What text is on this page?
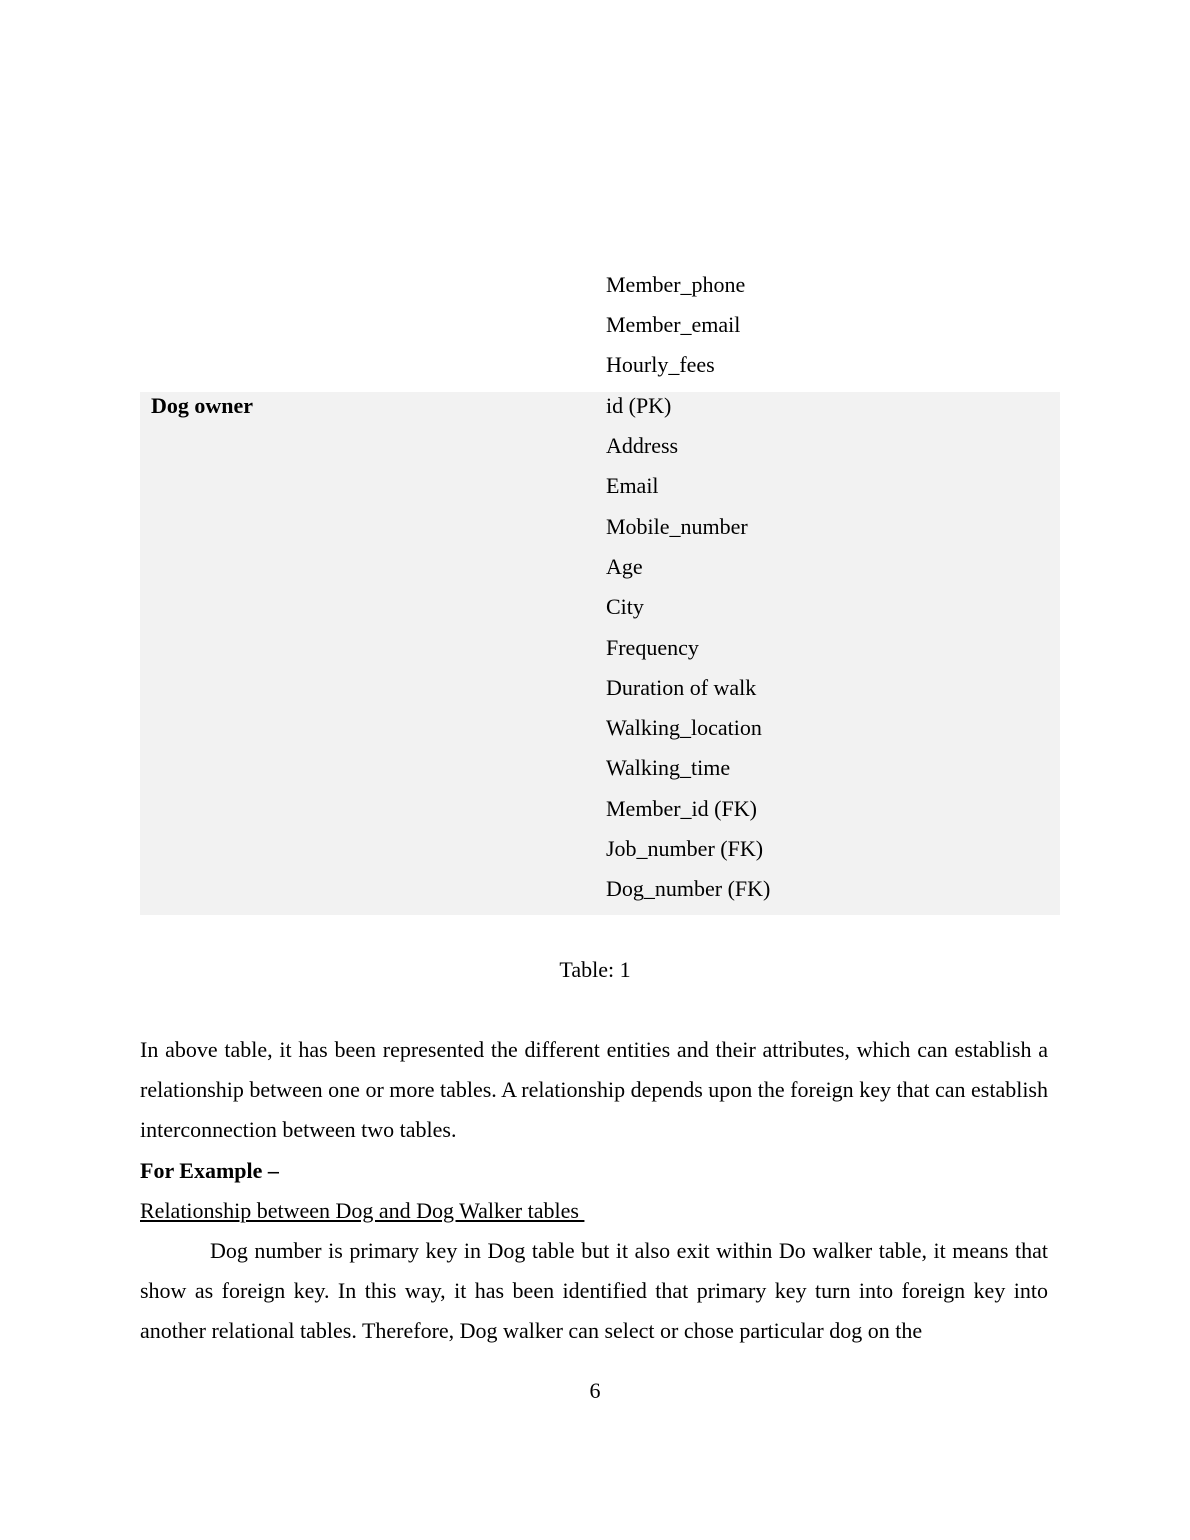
Member_phone
Member_email
Hourly_fees
Dog owner	id (PK)
Address
Email
Mobile_number
Age
City
Frequency
Duration of walk
Walking_location
Walking_time
Member_id (FK)
Job_number (FK)
Dog_number (FK)
Table: 1

In above table, it has been represented the different entities and their attributes, which can establish a relationship between one or more tables. A relationship depends upon the foreign key that can establish interconnection between two tables.

For Example –
Relationship between Dog and Dog Walker tables

Dog number is primary key in Dog table but it also exit within Do walker table, it means that show as foreign key. In this way, it has been identified that primary key turn into foreign key into another relational tables. Therefore, Dog walker can select or chose particular dog on the

6
